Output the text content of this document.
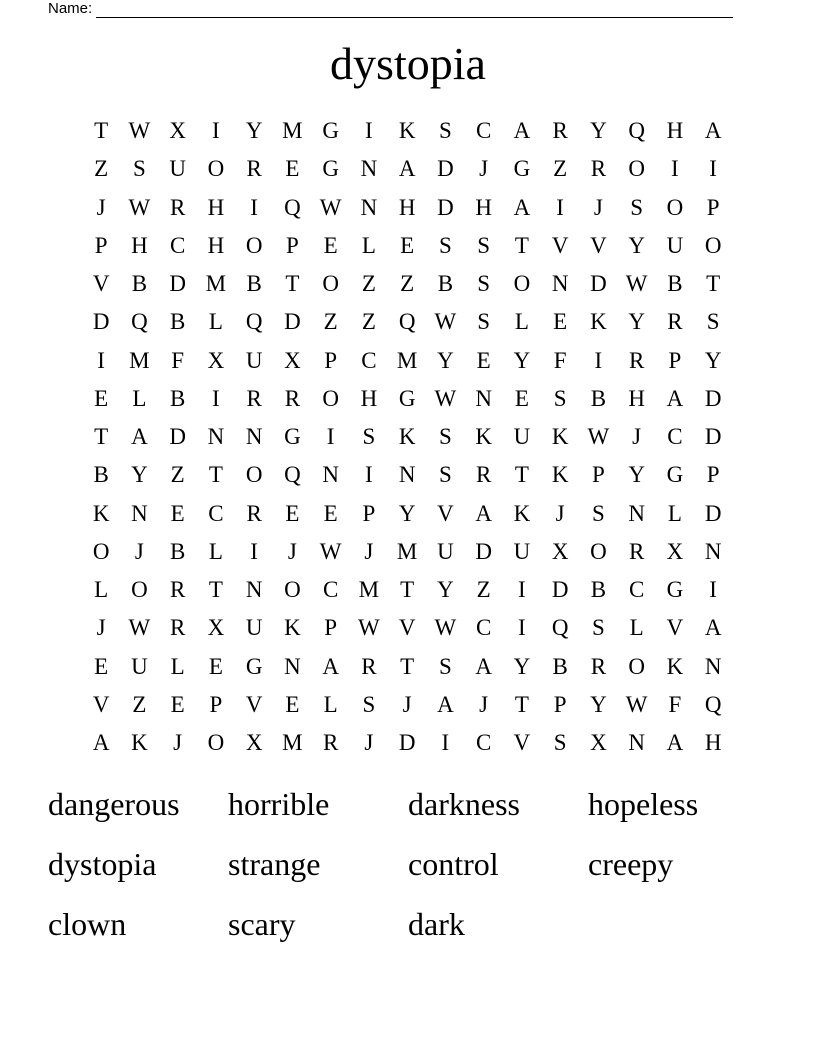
Name:
dystopia
T W X	I	Y M G	I	K	S	C A R Y Q H A
Z	S	U O R	E G N A D	J	G Z	R O	I	I
J W R H	I	Q W N H D H A	I	J	S	O	P
P	H C H O	P	E	L	E	S	S	T V V Y U O
V B D M B	T O Z	Z	B	S	O N D W B	T
D Q B	L Q D Z	Z Q W S	L	E K Y R	S
I	M F	X U X	P	C M Y E Y	F	I	R	P	Y
E	L	B	I	R R O H G W N E	S	B H A D
T A D N N G	I	S	K	S	K U K W J	C D
B Y Z	T O Q N	I	N	S	R	T K	P	Y G	P
K N E	C R	E	E	P	Y V A K	J	S	N L D
O	J	B	L	I	J W J	M U D U X O R X N
L O R	T N O C M T Y Z	I	D B C G	I
J W R X U K	P W V W C	I	Q	S	L V A
E U L	E G N A R	T	S	A Y B R O K N
V Z	E	P	V E	L	S	J	A	J	T	P	Y W F	Q
A K	J	O X M R	J	D	I	C V	S	X N A H
dangerous	horrible	darkness	hopeless
dystopia	strange	control	creepy
clown	scary	dark
